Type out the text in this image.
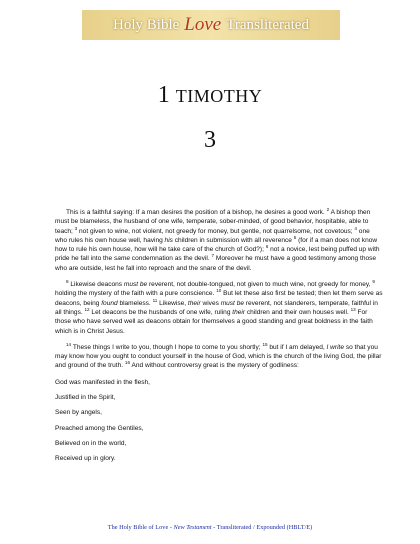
Holy Bible Love Transliterated
1 TIMOTHY
3

This is a faithful saying: If a man desires the position of a bishop, he desires a good work. $^2$ A bishop then must be blameless, the husband of one wife, temperate, sober-minded, of good behavior, hospitable, able to teach; $^3$ not given to wine, not violent, not greedy for money, but gentle, not quarrelsome, not covetous; $^4$ one who rules his own house well, having his children in submission with all reverence $^5$ (for if a man does not know how to rule his own house, how will he take care of the church of God?); $^6$ not a novice, lest being puffed up with pride he fall into the same condemnation as the devil. $^7$ Moreover he must have a good testimony among those who are outside, lest he fall into reproach and the snare of the devil.

$^8$ Likewise deacons must be reverent, not double-tongued, not given to much wine, not greedy for money, $^9$ holding the mystery of the faith with a pure conscience. $^{10}$ But let these also first be tested; then let them serve as deacons, being found blameless. $^{11}$ Likewise, their wives must be reverent, not slanderers, temperate, faithful in all things. $^{12}$ Let deacons be the husbands of one wife, ruling their children and their own houses well. $^{13}$ For those who have served well as deacons obtain for themselves a good standing and great boldness in the faith which is in Christ Jesus.

$^{14}$ These things I write to you, though I hope to come to you shortly; $^{15}$ but if I am delayed, I write so that you may know how you ought to conduct yourself in the house of God, which is the church of the living God, the pillar and ground of the truth. $^{16}$ And without controversy great is the mystery of godliness:

God was manifested in the flesh,

Justified in the Spirit,

Seen by angels,

Preached among the Gentiles,

Believed on in the world,

Received up in glory.

The Holy Bible of Love - New Testament - Transliterated / Expounded (HBLT/E)
